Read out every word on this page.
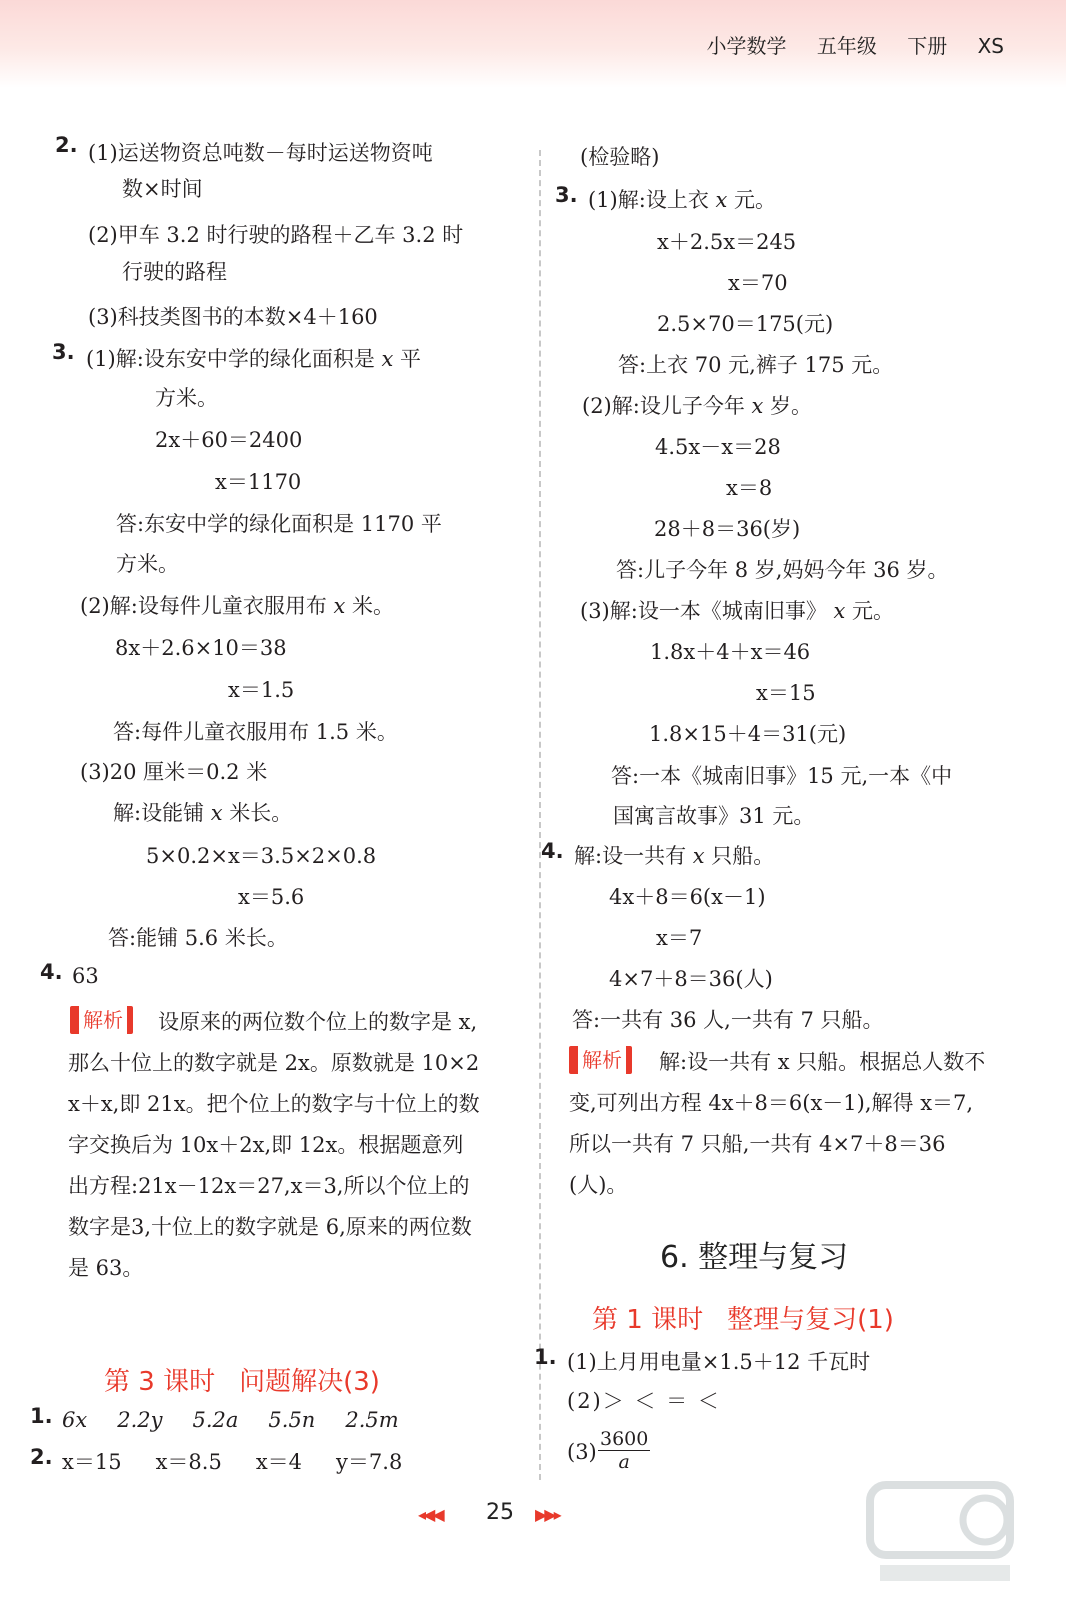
小学数学 五年级 下册 XS
2. (1)运送物资总吨数－每时运送物资吨
数×时间
(2)甲车 3.2 时行驶的路程＋乙车 3.2 时
行驶的路程
(3)科技类图书的本数×4＋160
3. (1)解:设东安中学的绿化面积是 x 平
方米。
2x＋60＝2400
x＝1170
答:东安中学的绿化面积是 1170 平
方米。
(2)解:设每件儿童衣服用布 x 米。
8x＋2.6×10＝38
x＝1.5
答:每件儿童衣服用布 1.5 米。
(3)20 厘米＝0.2 米
解:设能铺 x 米长。
5×0.2×x＝3.5×2×0.8
x＝5.6
答:能铺 5.6 米长。
4. 63
解析	设原来的两位数个位上的数字是 x,那么十位上的数字就是 2x。原数就是 10×2x＋x,即 21x。把个位上的数字与十位上的数字交换后为 10x＋2x,即 12x。根据题意列出方程:21x－12x＝27,x＝3,所以个位上的数字是3,十位上的数字就是 6,原来的两位数是 63。
第 3 课时 问题解决(3)
1. 6x 2.2y 5.2a 5.5n 2.5m
2. x＝15 x＝8.5 x＝4 y＝7.8
(检验略)
3. (1)解:设上衣 x 元。
x＋2.5x＝245
x＝70
2.5×70＝175(元)
答:上衣 70 元,裤子 175 元。
(2)解:设儿子今年 x 岁。
4.5x－x＝28
x＝8
28＋8＝36(岁)
答:儿子今年 8 岁,妈妈今年 36 岁。
(3)解:设一本《城南旧事》 x 元。
1.8x＋4＋x＝46
x＝15
1.8×15＋4＝31(元)
答:一本《城南旧事》15 元,一本《中
国寓言故事》31 元。
4. 解:设一共有 x 只船。
4x＋8＝6(x－1)
x＝7
4×7＋8＝36(人)
答:一共有 36 人,一共有 7 只船。
解析	解:设一共有 x 只船。根据总人数不变,可列出方程 4x＋8＝6(x－1),解得 x＝7,所以一共有 7 只船,一共有 4×7＋8＝36(人)。
6. 整理与复习
第 1 课时 整理与复习(1)
1. (1)上月用电量×1.5＋12 千瓦时
(2)＞ ＜ ＝ ＜
$(3) \frac{3600}{a}$
◂◀◀ 25 ▶▶▸
